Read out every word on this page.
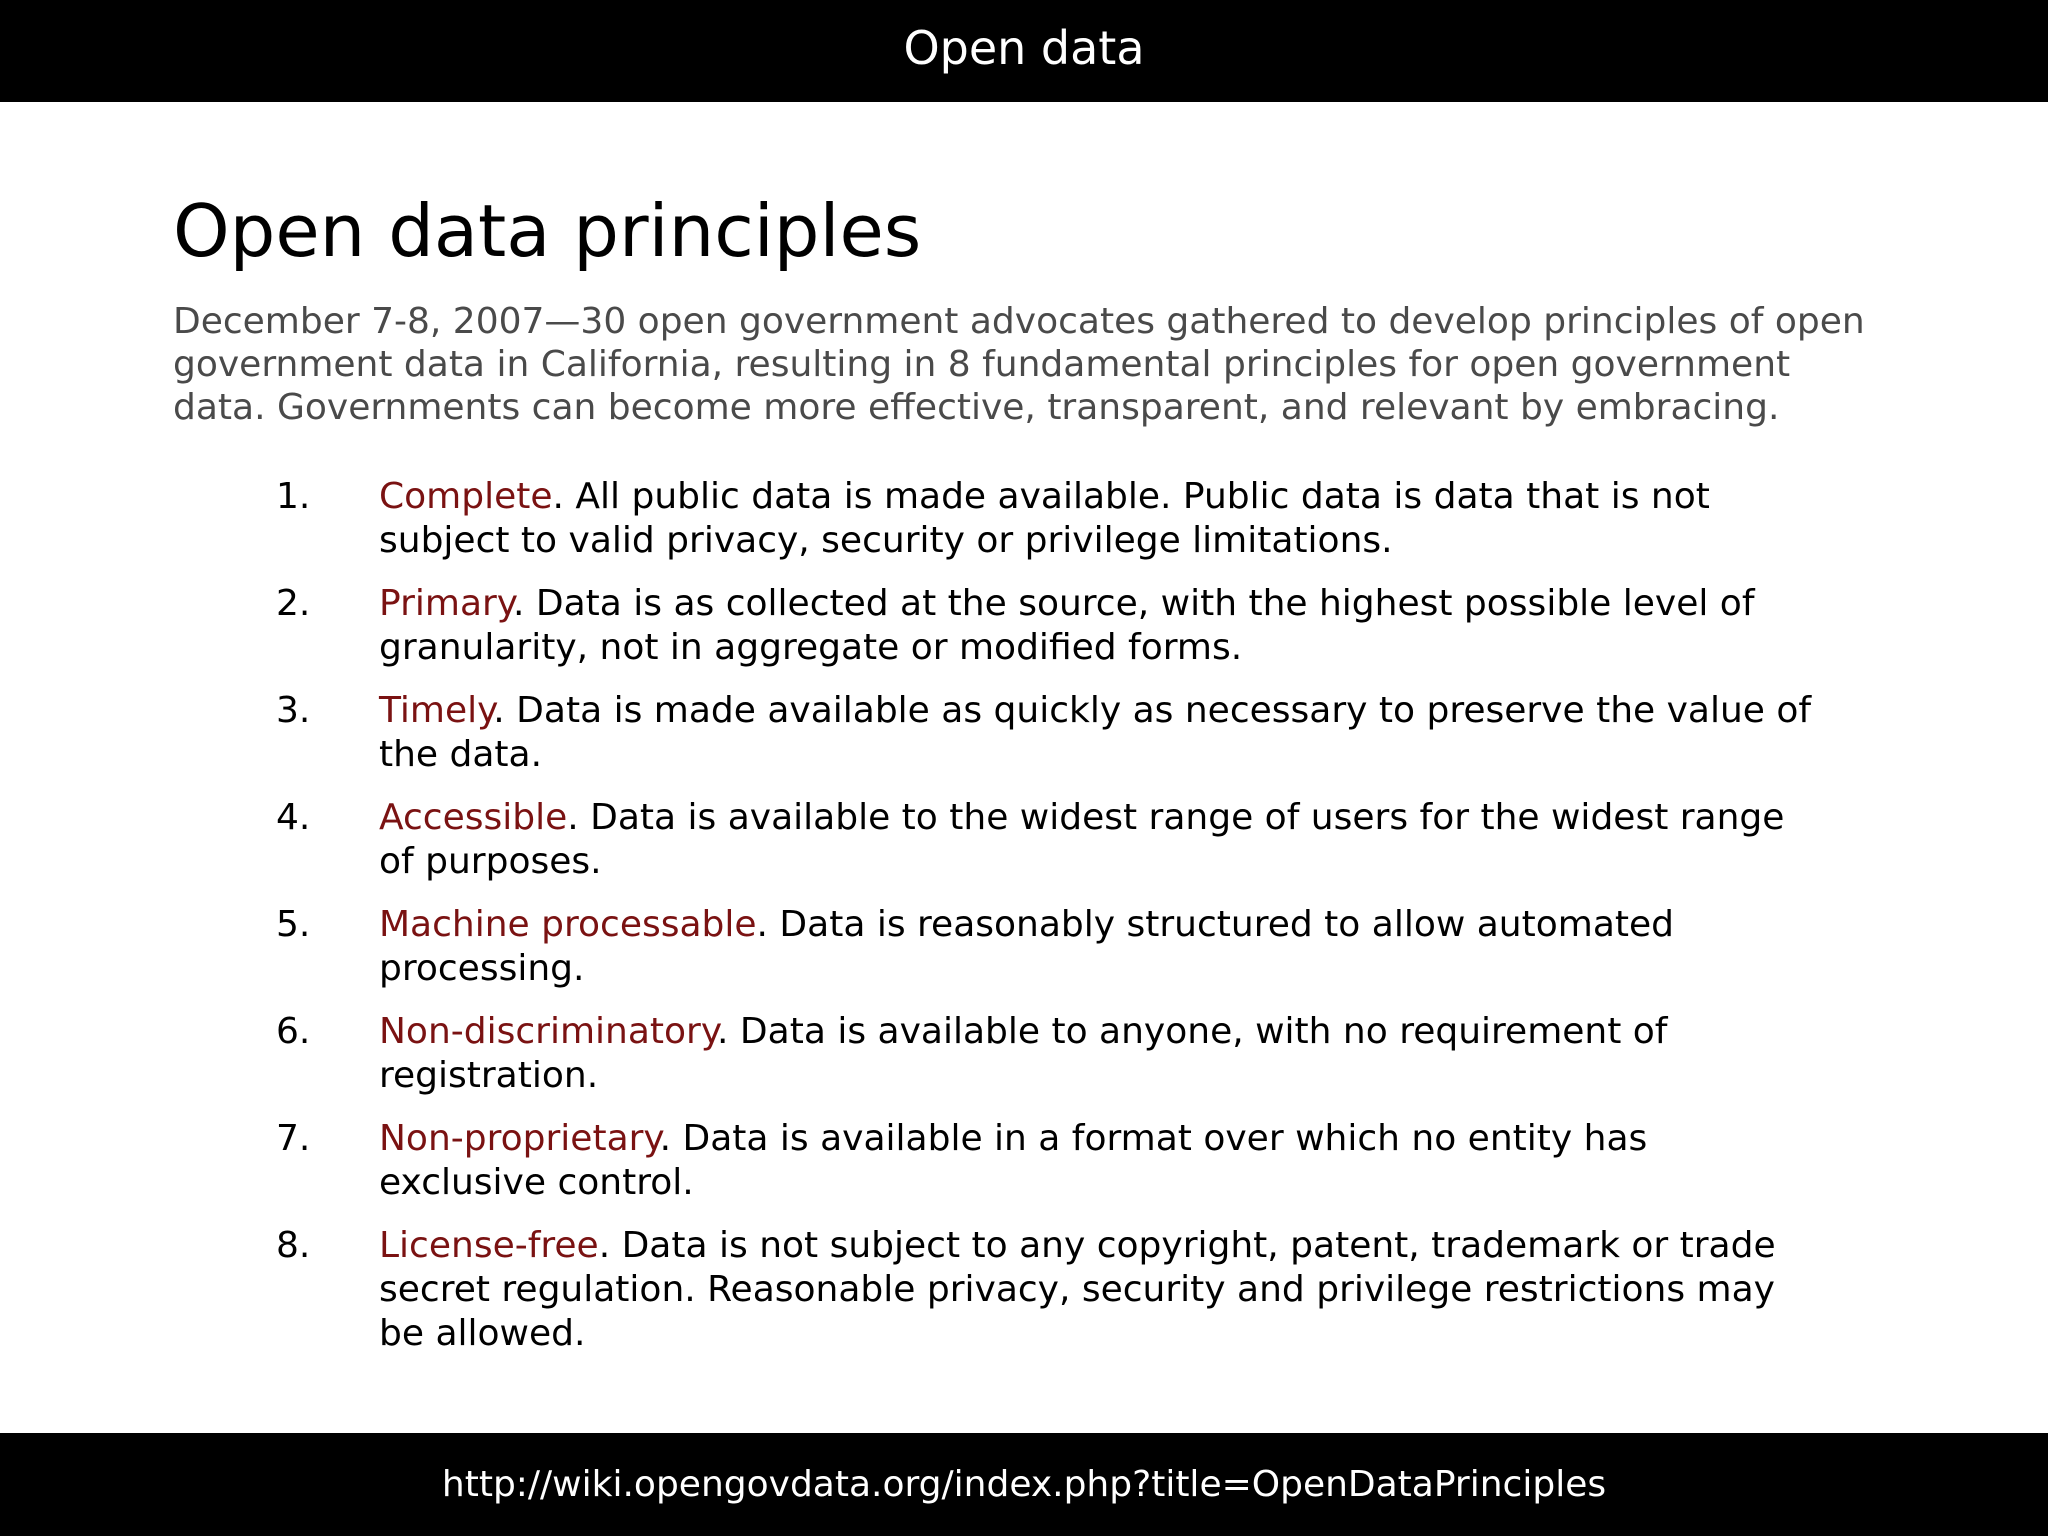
Open data
Open data principles

December 7-8, 2007—30 open government advocates gathered to develop principles of open government data in California, resulting in 8 fundamental principles for open government data. Governments can become more effective, transparent, and relevant by embracing.

1. Complete. All public data is made available. Public data is data that is not subject to valid privacy, security or privilege limitations.
2. Primary. Data is as collected at the source, with the highest possible level of granularity, not in aggregate or modified forms.
3. Timely. Data is made available as quickly as necessary to preserve the value of the data.
4. Accessible. Data is available to the widest range of users for the widest range of purposes.
5. Machine processable. Data is reasonably structured to allow automated processing.
6. Non-discriminatory. Data is available to anyone, with no requirement of registration.
7. Non-proprietary. Data is available in a format over which no entity has exclusive control.
8. License-free. Data is not subject to any copyright, patent, trademark or trade secret regulation. Reasonable privacy, security and privilege restrictions may be allowed.
http://wiki.opengovdata.org/index.php?title=OpenDataPrinciples
